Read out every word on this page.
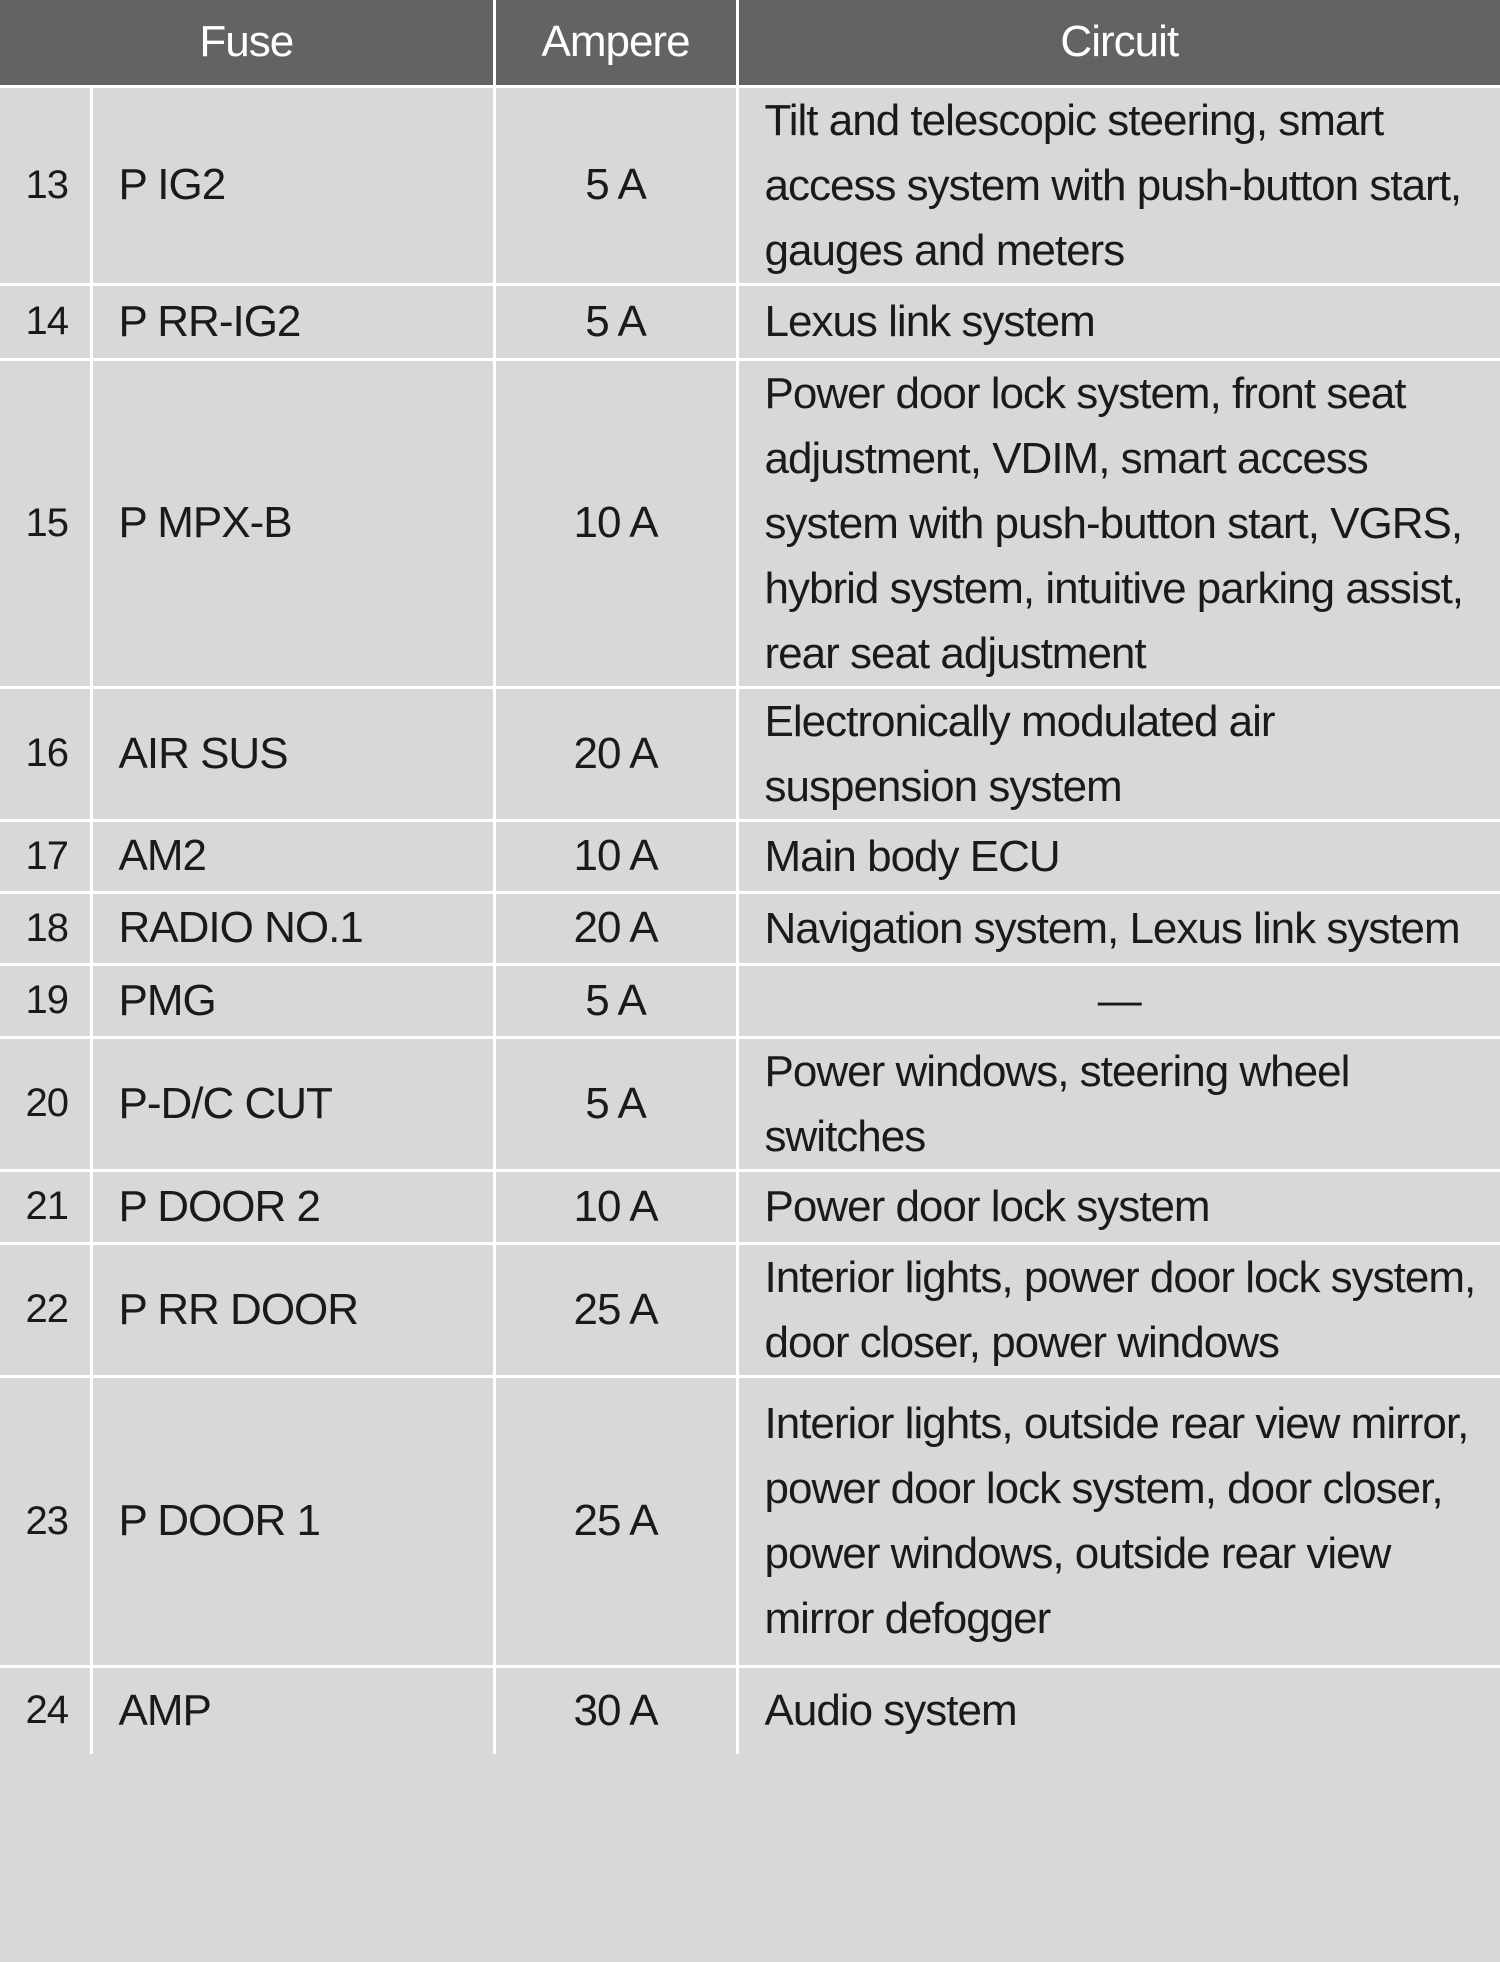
Fuse		Ampere	Circuit
13	P IG2	5 A	Tilt and telescopic steering, smart access system with push-button start, gauges and meters
14	P RR-IG2	5 A	Lexus link system
15	P MPX-B	10 A	Power door lock system, front seat adjustment, VDIM, smart access system with push-button start, VGRS, hybrid system, intuitive parking assist, rear seat adjustment
16	AIR SUS	20 A	Electronically modulated air suspension system
17	AM2	10 A	Main body ECU
18	RADIO NO.1	20 A	Navigation system, Lexus link system
19	PMG	5 A	—
20	P-D/C CUT	5 A	Power windows, steering wheel switches
21	P DOOR 2	10 A	Power door lock system
22	P RR DOOR	25 A	Interior lights, power door lock system, door closer, power windows
23	P DOOR 1	25 A	Interior lights, outside rear view mirror, power door lock system, door closer, power windows, outside rear view mirror defogger
24	AMP	30 A	Audio system
